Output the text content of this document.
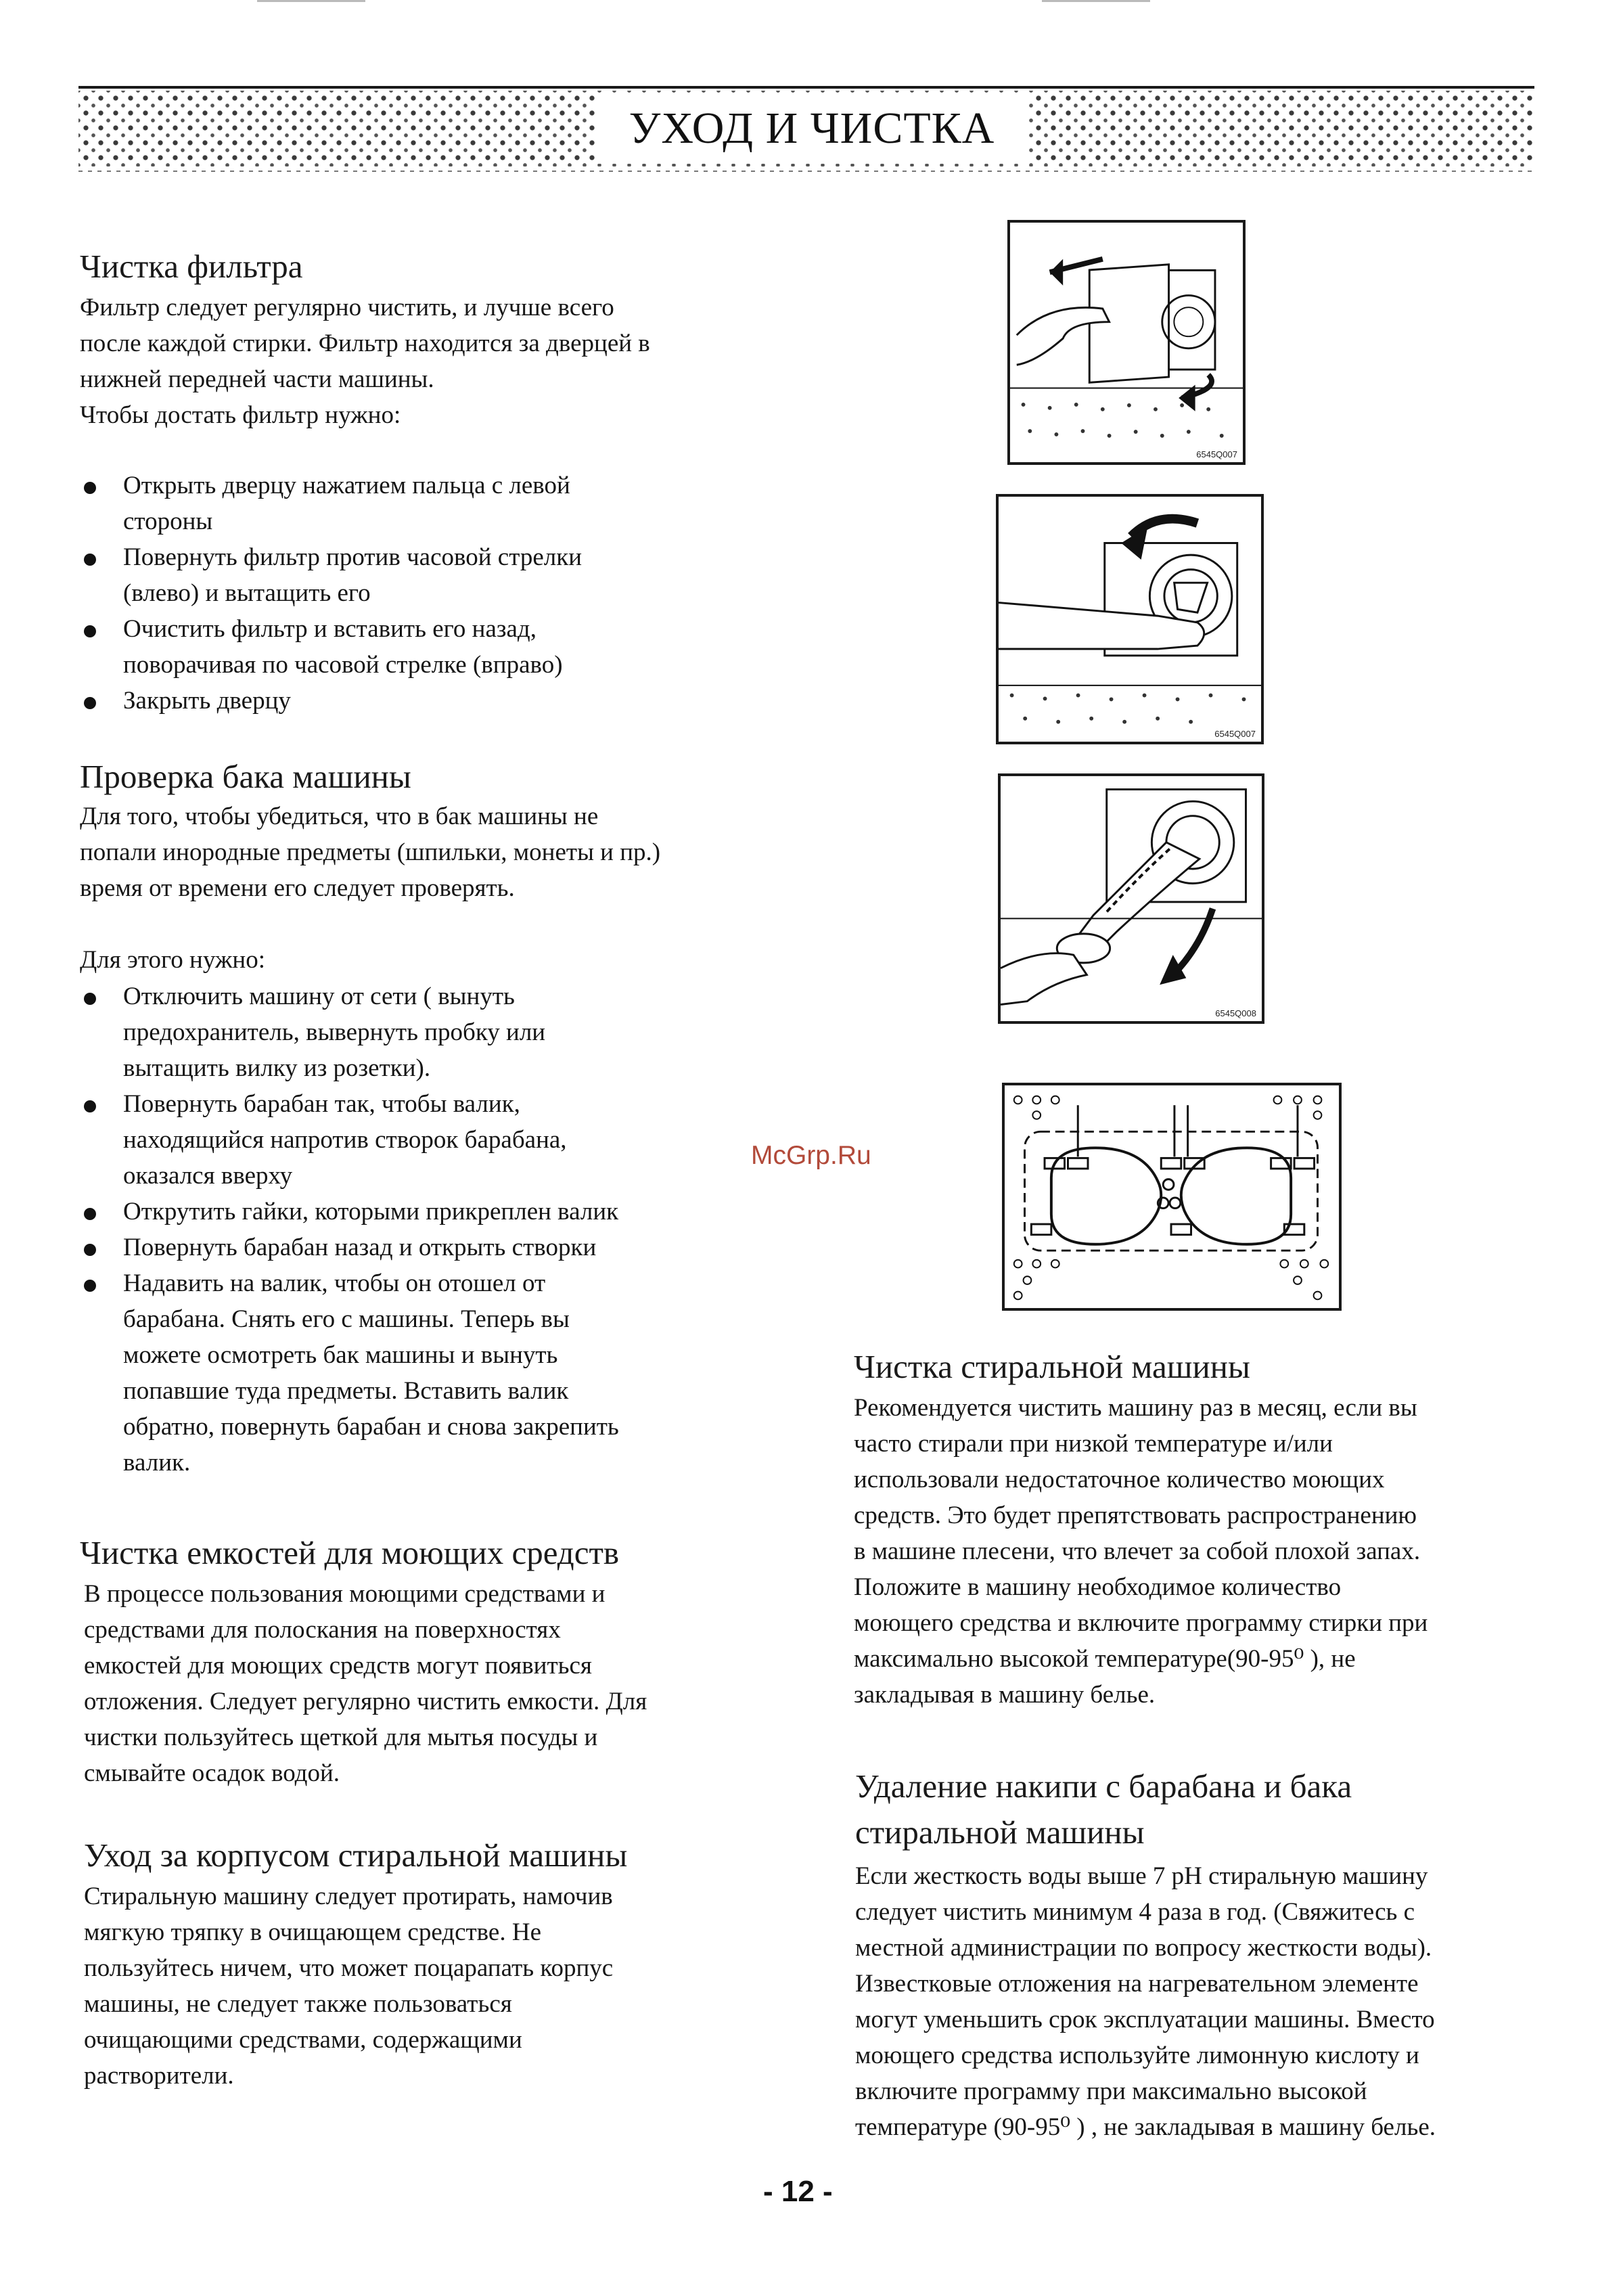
УХОД И ЧИСТКА
Чистка фильтра

Фильтр следует регулярно чистить, и лучше всего
после каждой стирки. Фильтр находится за дверцей в
нижней передней части машины.
Чтобы достать фильтр нужно:

Открыть дверцу нажатием пальца с левой
стороны
Повернуть фильтр против часовой стрелки
(влево) и вытащить его
Очистить фильтр и вставить его назад,
поворачивая по часовой стрелке (вправо)
Закрыть дверцу
Проверка бака машины

Для того, чтобы убедиться, что в бак машины не
попали инородные предметы (шпильки, монеты и пр.)
время от времени его следует проверять.

Для этого нужно:

Отключить машину от сети ( вынуть
предохранитель, вывернуть пробку или
вытащить вилку из розетки).
Повернуть барабан так, чтобы валик,
находящийся напротив створок барабана,
оказался вверху
Открутить гайки, которыми прикреплен валик
Повернуть барабан назад и открыть створки
Надавить на валик, чтобы он отошел от
барабана. Снять его с машины. Теперь вы
можете осмотреть бак машины и вынуть
попавшие туда предметы. Вставить валик
обратно, повернуть барабан и снова закрепить
валик.
Чистка емкостей для моющих средств

В процессе пользования моющими средствами и
средствами для полоскания на поверхностях
емкостей для моющих средств могут появиться
отложения. Следует регулярно чистить емкости. Для
чистки пользуйтесь щеткой для мытья посуды и
смывайте осадок водой.

Уход за корпусом стиральной машины

Стиральную машину следует протирать, намочив
мягкую тряпку в очищающем средстве. Не
пользуйтесь ничем, что может поцарапать корпус
машины, не следует также пользоваться
очищающими средствами, содержащими
растворители.

6545Q007
6545Q007
6545Q008
McGrp.Ru
Чистка стиральной машины

Рекомендуется чистить машину раз в месяц, если вы
часто стирали при низкой температуре и/или
использовали недостаточное количество моющих
средств. Это будет препятствовать распространению
в машине плесени, что влечет за собой плохой запах.
Положите в машину необходимое количество
моющего средства и включите программу стирки при
максимально высокой температуре(90-95⁰ ), не
закладывая в машину белье.

Удаление накипи с барабана и бака
стиральной машины

Если жесткость воды выше 7 pH стиральную машину
следует чистить минимум 4 раза в год. (Свяжитесь с
местной администрации по вопросу жесткости воды).
Известковые отложения на нагревательном элементе
могут уменьшить срок эксплуатации машины. Вместо
моющего средства используйте лимонную кислоту и
включите программу при максимально высокой
температуре (90-95⁰ ) , не закладывая в машину белье.

- 12 -
